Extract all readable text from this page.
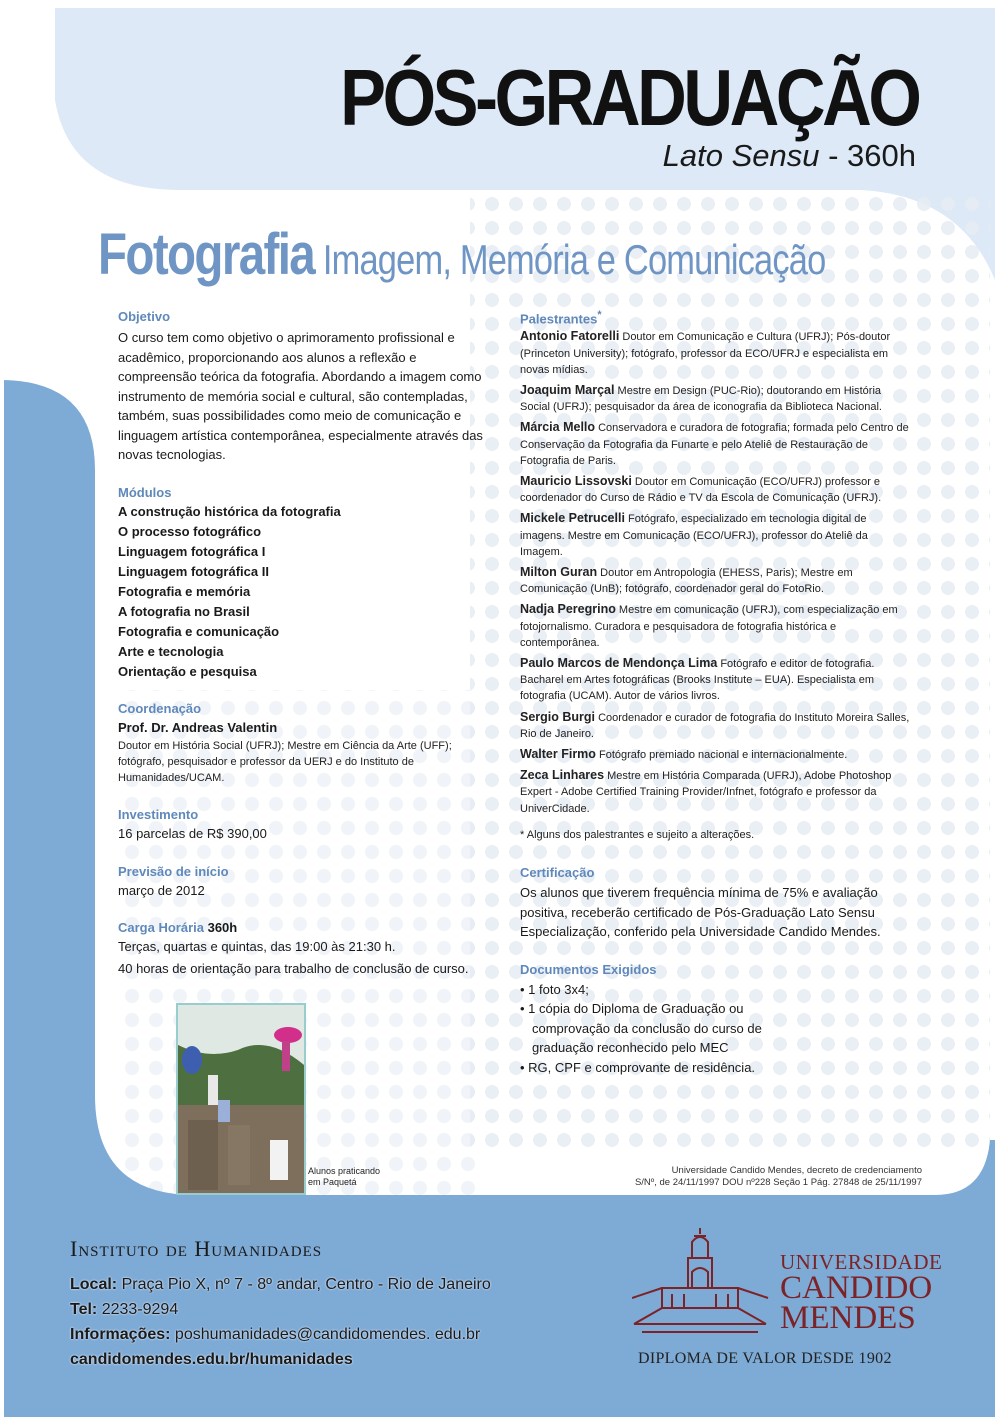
PÓS-GRADUAÇÃO
Lato Sensu - 360h
Fotografia Imagem, Memória e Comunicação

Objetivo

O curso tem como objetivo o aprimoramento profissional e acadêmico, proporcionando aos alunos a reflexão e compreensão teórica da fotografia. Abordando a imagem como instrumento de memória social e cultural, são contempladas, também, suas possibilidades como meio de comunicação e linguagem artística contemporânea, especialmente através das novas tecnologias.

Módulos

A construção histórica da fotografia
O processo fotográfico
Linguagem fotográfica I
Linguagem fotográfica II
Fotografia e memória
A fotografia no Brasil
Fotografia e comunicação
Arte e tecnologia
Orientação e pesquisa

Coordenação

Prof. Dr. Andreas Valentin
Doutor em História Social (UFRJ); Mestre em Ciência da Arte (UFF); fotógrafo, pesquisador e professor da UERJ e do Instituto de Humanidades/UCAM.

Investimento

16 parcelas de R$ 390,00

Previsão de início

março de 2012

Carga Horária 360h

Terças, quartas e quintas, das 19:00 às 21:30 h.
40 horas de orientação para trabalho de conclusão de curso.

Palestrantes*

Antonio Fatorelli Doutor em Comunicação e Cultura (UFRJ); Pós-doutor (Princeton University); fotógrafo, professor da ECO/UFRJ e especialista em novas mídias.
Joaquim Marçal Mestre em Design (PUC-Rio); doutorando em História Social (UFRJ); pesquisador da área de iconografia da Biblioteca Nacional.
Márcia Mello Conservadora e curadora de fotografia; formada pelo Centro de Conservação da Fotografia da Funarte e pelo Ateliê de Restauração de Fotografia de Paris.
Mauricio Lissovski Doutor em Comunicação (ECO/UFRJ) professor e coordenador do Curso de Rádio e TV da Escola de Comunicação (UFRJ).
Mickele Petrucelli Fotógrafo, especializado em tecnologia digital de imagens. Mestre em Comunicação (ECO/UFRJ), professor do Ateliê da Imagem.
Milton Guran Doutor em Antropologia (EHESS, Paris); Mestre em Comunicação (UnB); fotógrafo, coordenador geral do FotoRio.
Nadja Peregrino Mestre em comunicação (UFRJ), com especialização em fotojornalismo. Curadora e pesquisadora de fotografia histórica e contemporânea.
Paulo Marcos de Mendonça Lima Fotógrafo e editor de fotografia. Bacharel em Artes fotográficas (Brooks Institute – EUA). Especialista em fotografia (UCAM). Autor de vários livros.
Sergio Burgi Coordenador e curador de fotografia do Instituto Moreira Salles, Rio de Janeiro.
Walter Firmo Fotógrafo premiado nacional e internacionalmente.
Zeca Linhares Mestre em História Comparada (UFRJ), Adobe Photoshop Expert - Adobe Certified Training Provider/Infnet, fotógrafo e professor da UniverCidade.
* Alguns dos palestrantes e sujeito a alterações.

Certificação

Os alunos que tiverem frequência mínima de 75% e avaliação positiva, receberão certificado de Pós-Graduação Lato Sensu Especialização, conferido pela Universidade Candido Mendes.

Documentos Exigidos

• 1 foto 3x4;
• 1 cópia do Diploma de Graduação ou comprovação da conclusão do curso de graduação reconhecido pelo MEC
• RG, CPF e comprovante de residência.
Alunos praticando
em Paquetá
Universidade Candido Mendes, decreto de credenciamento
S/Nº, de 24/11/1997 DOU nº228 Seção 1 Pág. 27848 de 25/11/1997
Instituto de Humanidades
Local: Praça Pio X, nº 7 - 8º andar, Centro - Rio de Janeiro
Tel: 2233-9294
Informações: poshumanidades@candidomendes. edu.br
candidomendes.edu.br/humanidades
UNIVERSIDADE
CANDIDO
MENDES
DIPLOMA DE VALOR DESDE 1902
